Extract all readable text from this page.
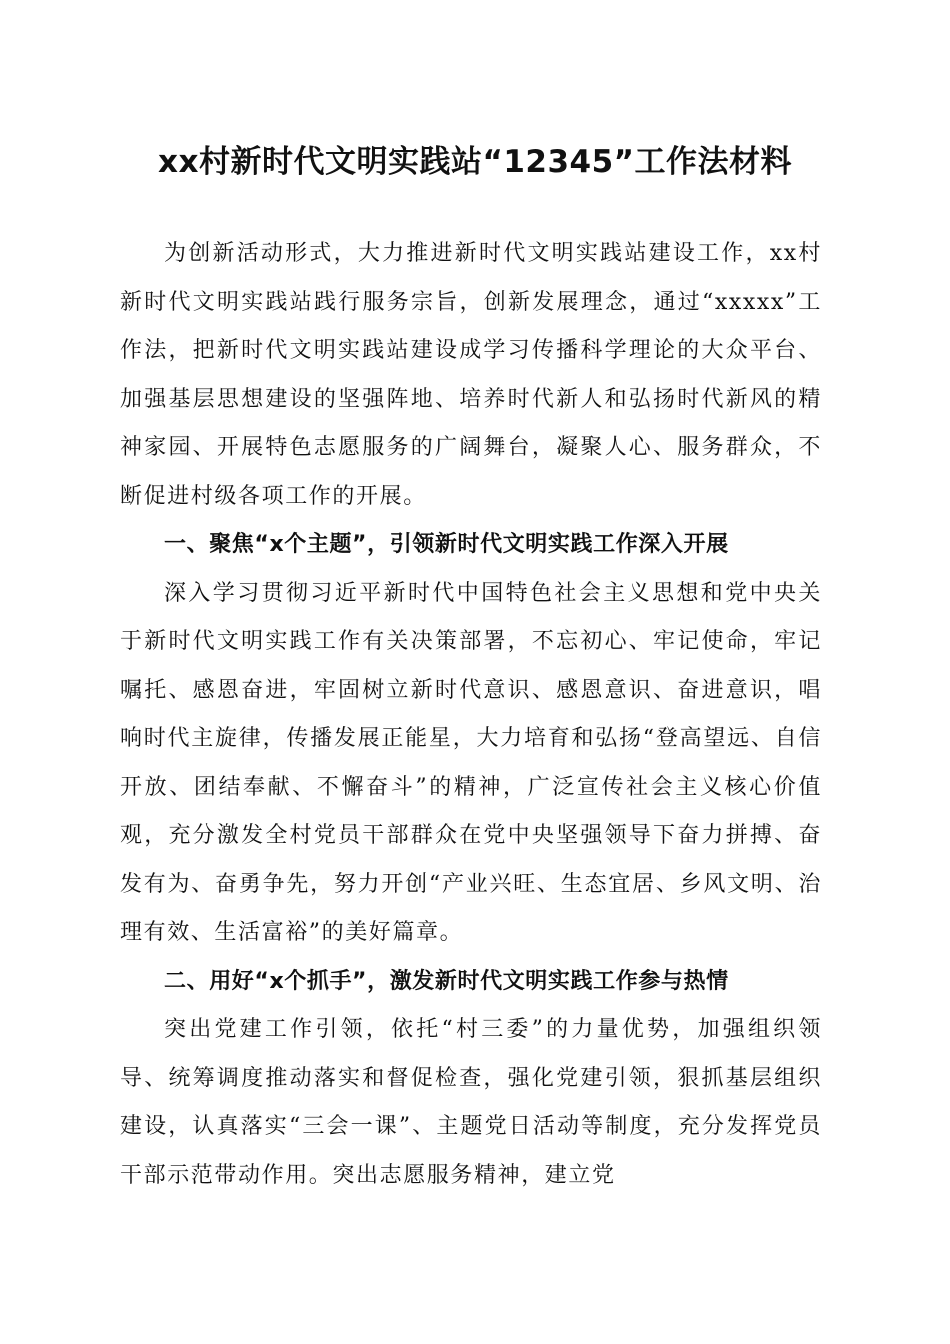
xx村新时代文明实践站“12345”工作法材料

为创新活动形式，大力推进新时代文明实践站建设工作，xx村新时代文明实践站践行服务宗旨，创新发展理念，通过“xxxxx”工作法，把新时代文明实践站建设成学习传播科学理论的大众平台、加强基层思想建设的坚强阵地、培养时代新人和弘扬时代新风的精神家园、开展特色志愿服务的广阔舞台，凝聚人心、服务群众，不断促进村级各项工作的开展。

一、聚焦“x个主题”，引领新时代文明实践工作深入开展

深入学习贯彻习近平新时代中国特色社会主义思想和党中央关于新时代文明实践工作有关决策部署，不忘初心、牢记使命，牢记嘱托、感恩奋进，牢固树立新时代意识、感恩意识、奋进意识，唱响时代主旋律，传播发展正能星，大力培育和弘扬“登高望远、自信开放、团结奉献、不懈奋斗”的精神，广泛宣传社会主义核心价值观，充分激发全村党员干部群众在党中央坚强领导下奋力拼搏、奋发有为、奋勇争先，努力开创“产业兴旺、生态宜居、乡风文明、治理有效、生活富裕”的美好篇章。

二、用好“x个抓手”，激发新时代文明实践工作参与热情

突出党建工作引领，依托“村三委”的力量优势，加强组织领导、统筹调度推动落实和督促检查，强化党建引领，狠抓基层组织建设，认真落实“三会一课”、主题党日活动等制度，充分发挥党员干部示范带动作用。突出志愿服务精神，建立党
